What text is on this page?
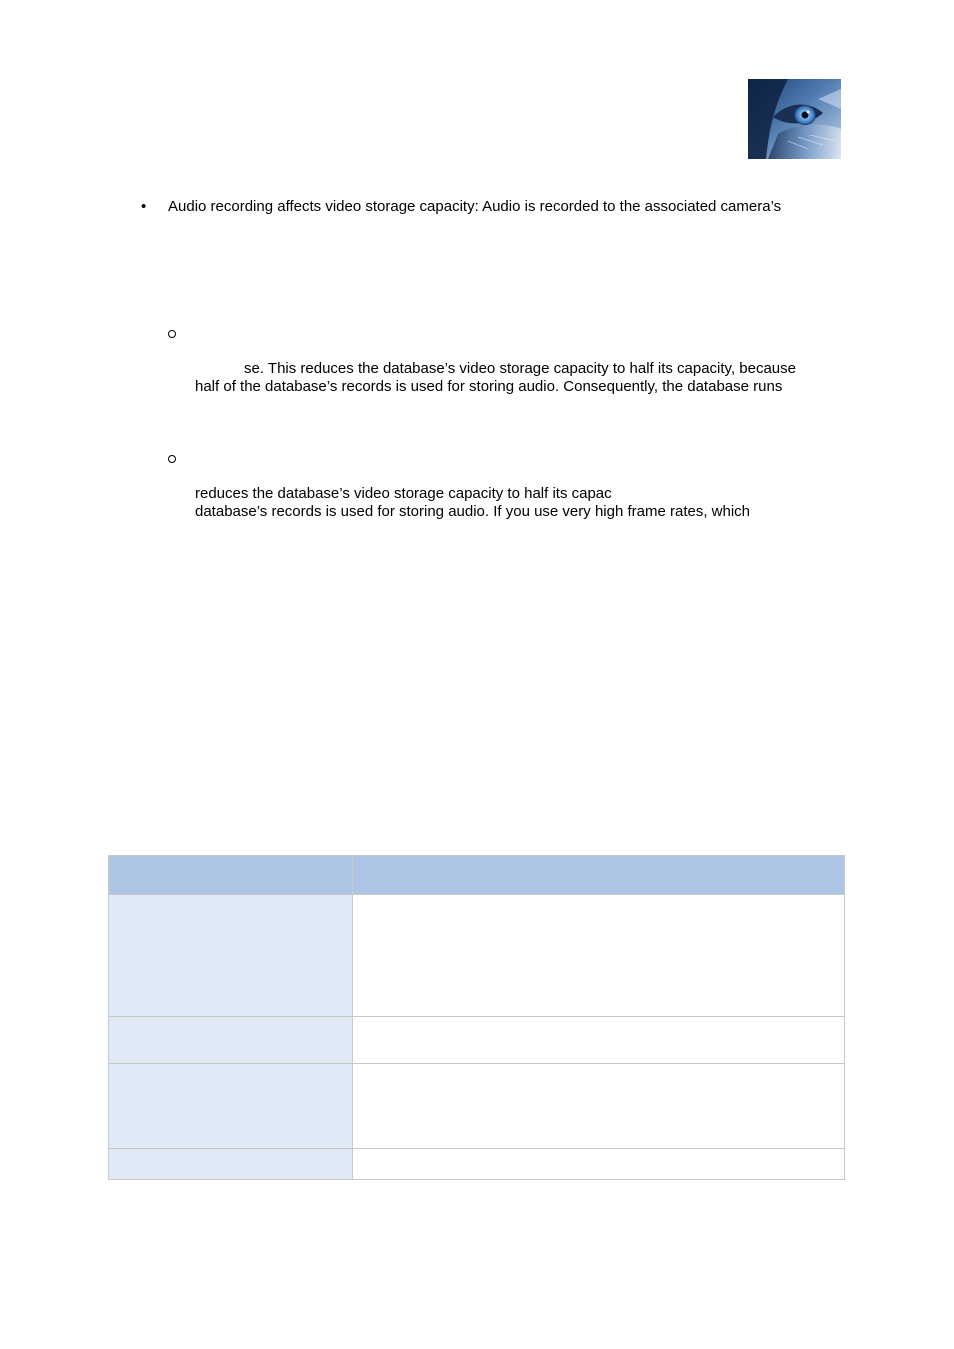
• Audio recording affects video storage capacity: Audio is recorded to the associated camera’s
se. This reduces the database’s video storage capacity to half its capacity, because
half of the database’s records is used for storing audio. Consequently, the database runs
reduces the database’s video storage capacity to half its capac
database’s records is used for storing audio. If you use very high frame rates, which
